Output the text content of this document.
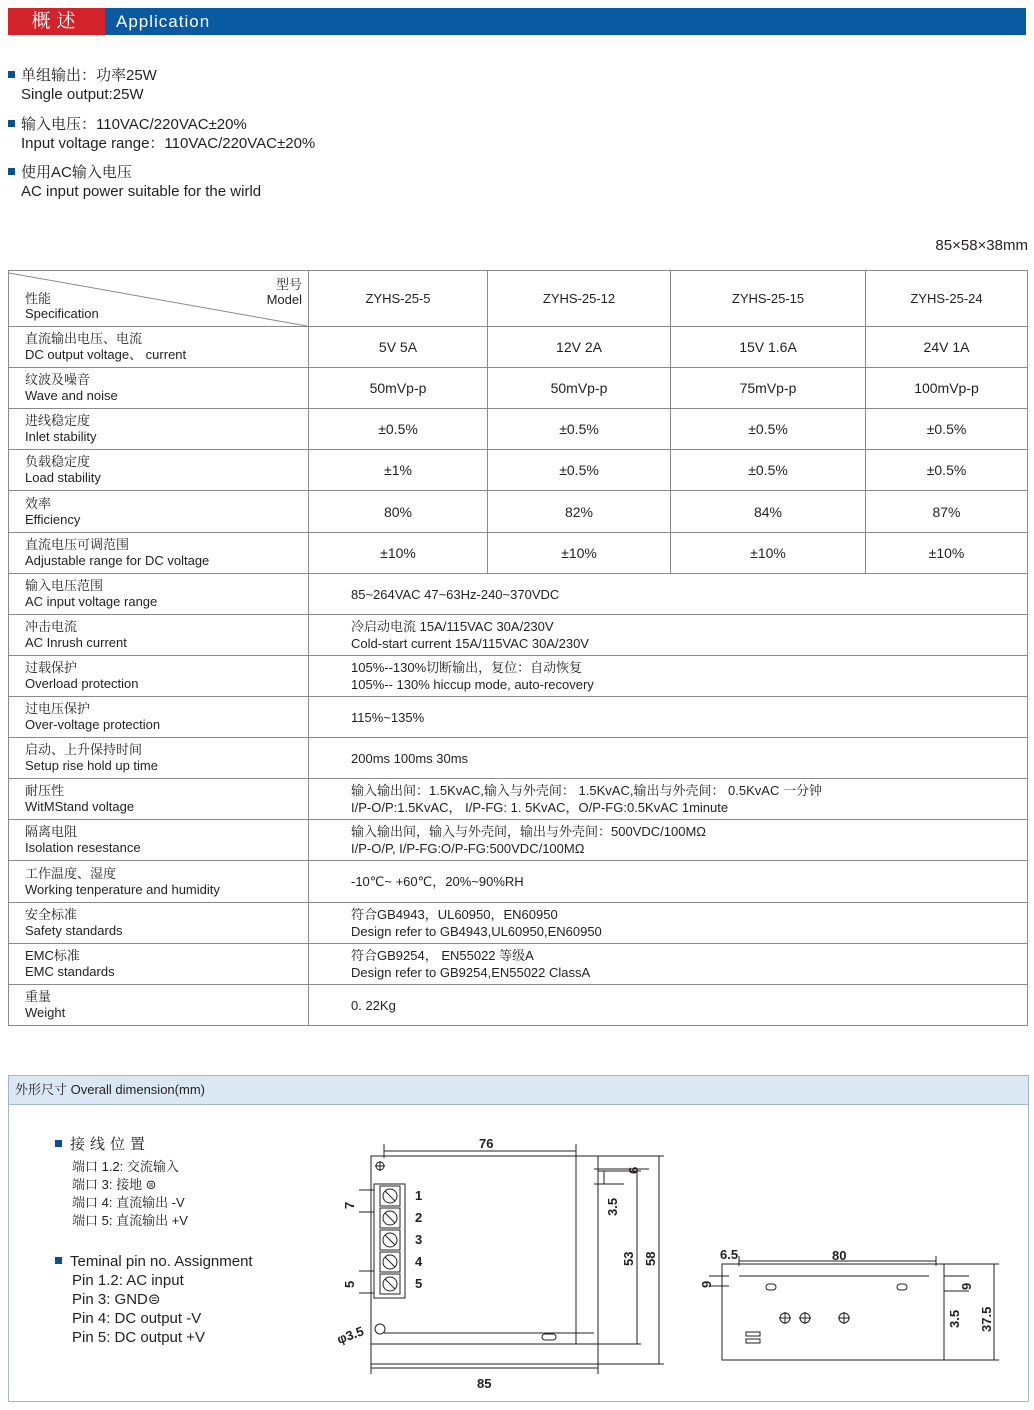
概述	Application
单组输出：功率25W
Single output:25W
输入电压：110VAC/220VAC±20%
Input voltage range：110VAC/220VAC±20%
使用AC输入电压
AC input power suitable for the wirld
85×58×38mm
型号
Model
性能
Specification	ZYHS-25-5	ZYHS-25-12	ZYHS-25-15	ZYHS-25-24

直流输出电压、电流
DC output voltage、 current	5V 5A	12V 2A	15V 1.6A	24V 1A

纹波及噪音
Wave and noise	50mVp-p	50mVp-p	75mVp-p	100mVp-p

进线稳定度
Inlet stability	±0.5%	±0.5%	±0.5%	±0.5%

负载稳定度
Load stability	±1%	±0.5%	±0.5%	±0.5%

效率
Efficiency	80%	82%	84%	87%

直流电压可调范围
Adjustable range for DC voltage	±10%	±10%	±10%	±10%

输入电压范围
AC input voltage range	85~264VAC 47~63Hz-240~370VDC			

冲击电流
AC Inrush current	冷启动电流 15A/115VAC 30A/230V
Cold-start current 15A/115VAC 30A/230V			

过载保护
Overload protection	105%--130%切断输出，复位：自动恢复
105%-- 130% hiccup mode, auto-recovery			

过电压保护
Over-voltage protection	115%~135%			

启动、上升保持时间
Setup rise hold up time	200ms 100ms 30ms			

耐压性
WitMStand voltage	输入输出间：1.5KvAC,输入与外壳间： 1.5KvAC,输出与外壳间： 0.5KvAC 一分钟
I/P-O/P:1.5KvAC， I/P-FG: 1. 5KvAC，O/P-FG:0.5KvAC 1minute			

隔离电阻
Isolation resestance	输入输出间，输入与外壳间，输出与外壳间：500VDC/100MΩ
I/P-O/P, I/P-FG:O/P-FG:500VDC/100MΩ			

工作温度、湿度
Working tenperature and humidity	-10℃~ +60℃，20%~90%RH			

安全标准
Safety standards	符合GB4943，UL60950，EN60950
Design refer to GB4943,UL60950,EN60950			

EMC标准
EMC standards	符合GB9254， EN55022 等级A
Design refer to GB9254,EN55022 ClassA			

重量
Weight	0. 22Kg			
外形尺寸 Overall dimension(mm)
接线位置
端口 1.2: 交流输入
端口 3: 接地 ⊜
端口 4: 直流输出 -V
端口 5: 直流输出 +V
Teminal pin no. Assignment
Pin 1.2: AC input
Pin 3: GND⊜
Pin 4: DC output -V
Pin 5: DC output +V
76
85
53 58
6
3.5
7
5
φ3.5
1
2
3
4
5
6.5	80
9	9
3.5 37.5
